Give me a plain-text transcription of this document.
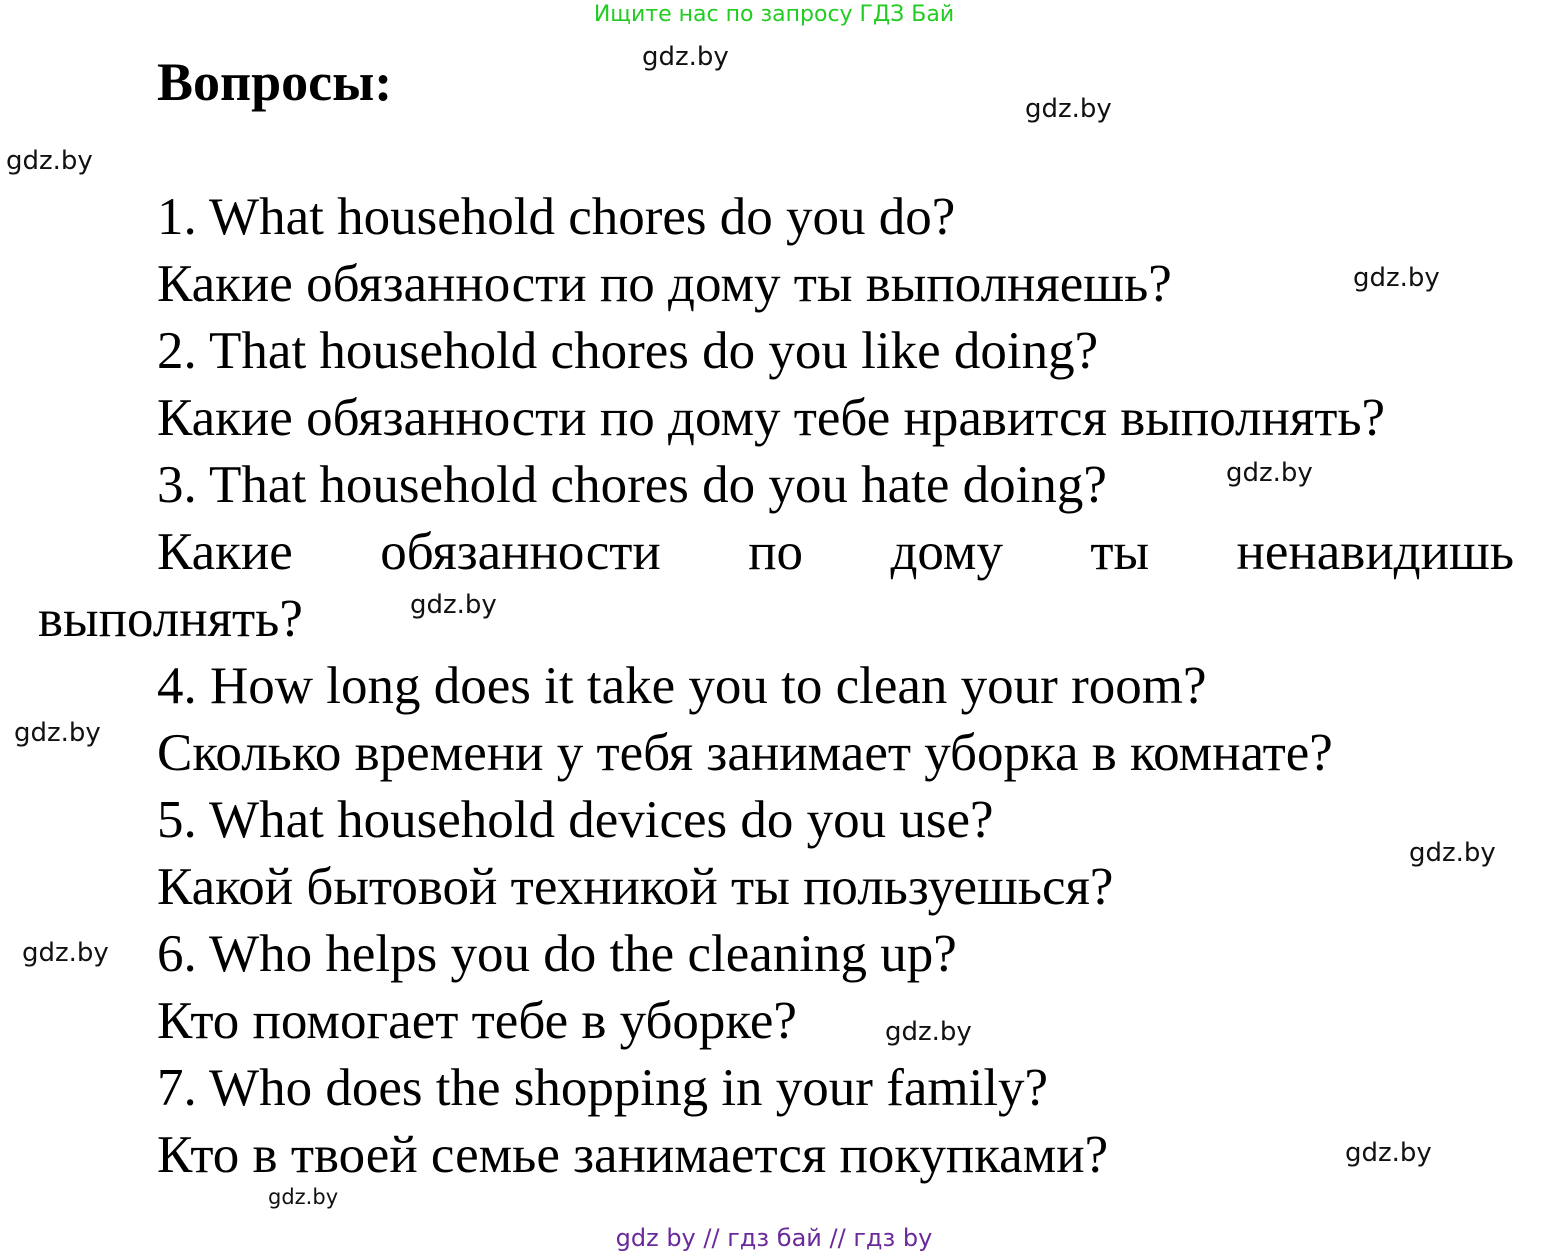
Ищите нас по запросу ГДЗ Бай
Вопросы:
1. What household chores do you do?
Какие обязанности по дому ты выполняешь?
2. That household chores do you like doing?
Какие обязанности по дому тебе нравится выполнять?
3. That household chores do you hate doing?
Какие обязанности по дому ты ненавидишь
выполнять?
4. How long does it take you to clean your room?
Сколько времени у тебя занимает уборка в комнате?
5. What household devices do you use?
Какой бытовой техникой ты пользуешься?
6. Who helps you do the cleaning up?
Кто помогает тебе в уборке?
7. Who does the shopping in your family?
Кто в твоей семье занимается покупками?
gdz.by
gdz.by
gdz.by
gdz.by
gdz.by
gdz.by
gdz.by
gdz.by
gdz.by
gdz.by
gdz.by
gdz.by
gdz by // гдз бай // гдз by
